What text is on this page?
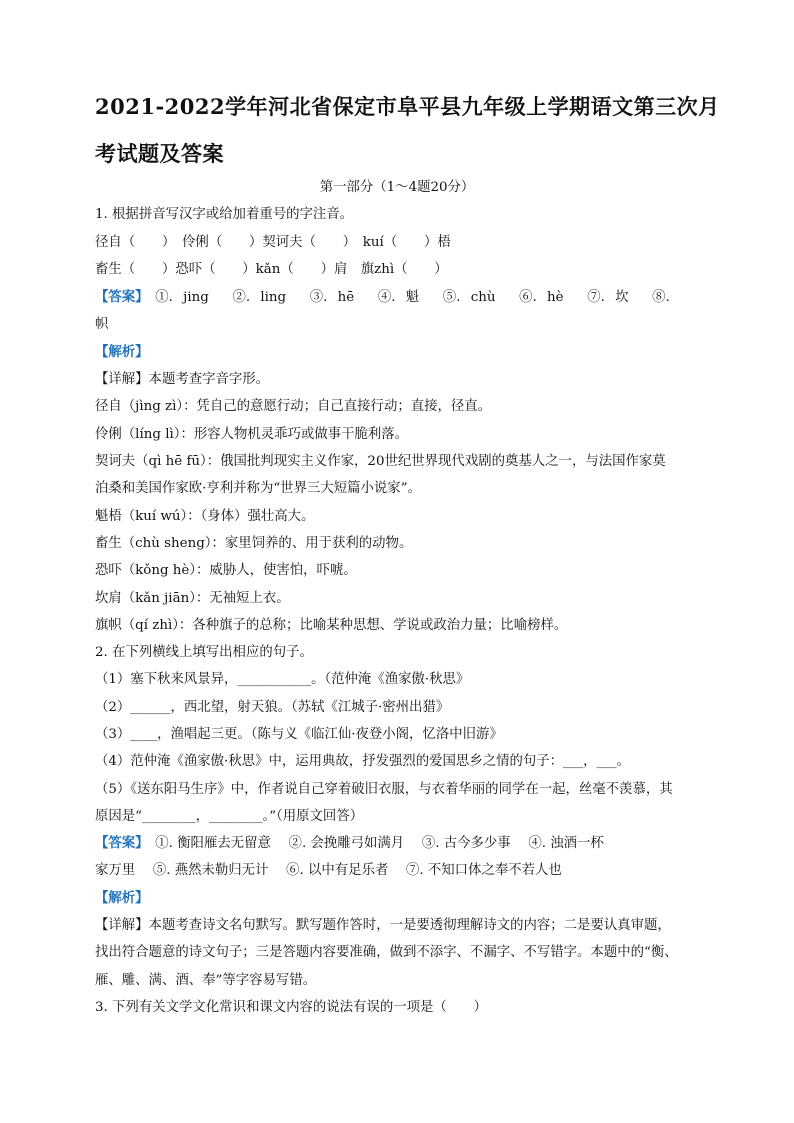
2021-2022学年河北省保定市阜平县九年级上学期语文第三次月
考试题及答案
第一部分（1～4题20分）
1. 根据拼音写汉字或给加着重号的字注音。
径自（　　）　伶俐（　　）契诃夫（　　）　kuí（　　）梧
畜生（　　）恐吓（　　）kǎn（　　）肩　旗zhì（　　）
【答案】　①. jing　 ②. ling　 ③. hē　 ④. 魁　 ⑤. chù　 ⑥. hè　 ⑦. 坎　 ⑧.
帜
【解析】
【详解】本题考查字音字形。
径自（jìng zì）：凭自己的意愿行动；自己直接行动；直接，径直。
伶俐（líng lì）：形容人物机灵乖巧或做事干脆利落。
契诃夫（qì hē fū）：俄国批判现实主义作家，20世纪世界现代戏剧的奠基人之一，与法国作家莫
泊桑和美国作家欧·亨利并称为“世界三大短篇小说家”。
魁梧（kuí wú）：（身体）强壮高大。
畜生（chù sheng）：家里饲养的、用于获利的动物。
恐吓（kǒng hè）：威胁人，使害怕，吓唬。
坎肩（kǎn jiān）：无袖短上衣。
旗帜（qí zhì）：各种旗子的总称；比喻某种思想、学说或政治力量；比喻榜样。
2. 在下列横线上填写出相应的句子。
（1）塞下秋来风景异，___________。（范仲淹《渔家傲·秋思》
（2）______，西北望，射天狼。（苏轼《江城子·密州出猎》
（3）____，渔唱起三更。（陈与义《临江仙·夜登小阁，忆洛中旧游》
（4）范仲淹《渔家傲·秋思》中，运用典故，抒发强烈的爱国思乡之情的句子：___，___。
（5）《送东阳马生序》中，作者说自己穿着破旧衣服，与衣着华丽的同学在一起，丝毫不羡慕，其
原因是“________，________。”（用原文回答）
【答案】　①. 衡阳雁去无留意　 ②. 会挽雕弓如满月　 ③. 古今多少事　 ④. 浊酒一杯
家万里　 ⑤. 燕然未勒归无计　 ⑥. 以中有足乐者　 ⑦. 不知口体之奉不若人也
【解析】
【详解】本题考查诗文名句默写。默写题作答时，一是要透彻理解诗文的内容；二是要认真审题，
找出符合题意的诗文句子；三是答题内容要准确，做到不添字、不漏字、不写错字。本题中的“衡、
雁、雕、满、酒、奉”等字容易写错。
3. 下列有关文学文化常识和课文内容的说法有误的一项是（　　）
